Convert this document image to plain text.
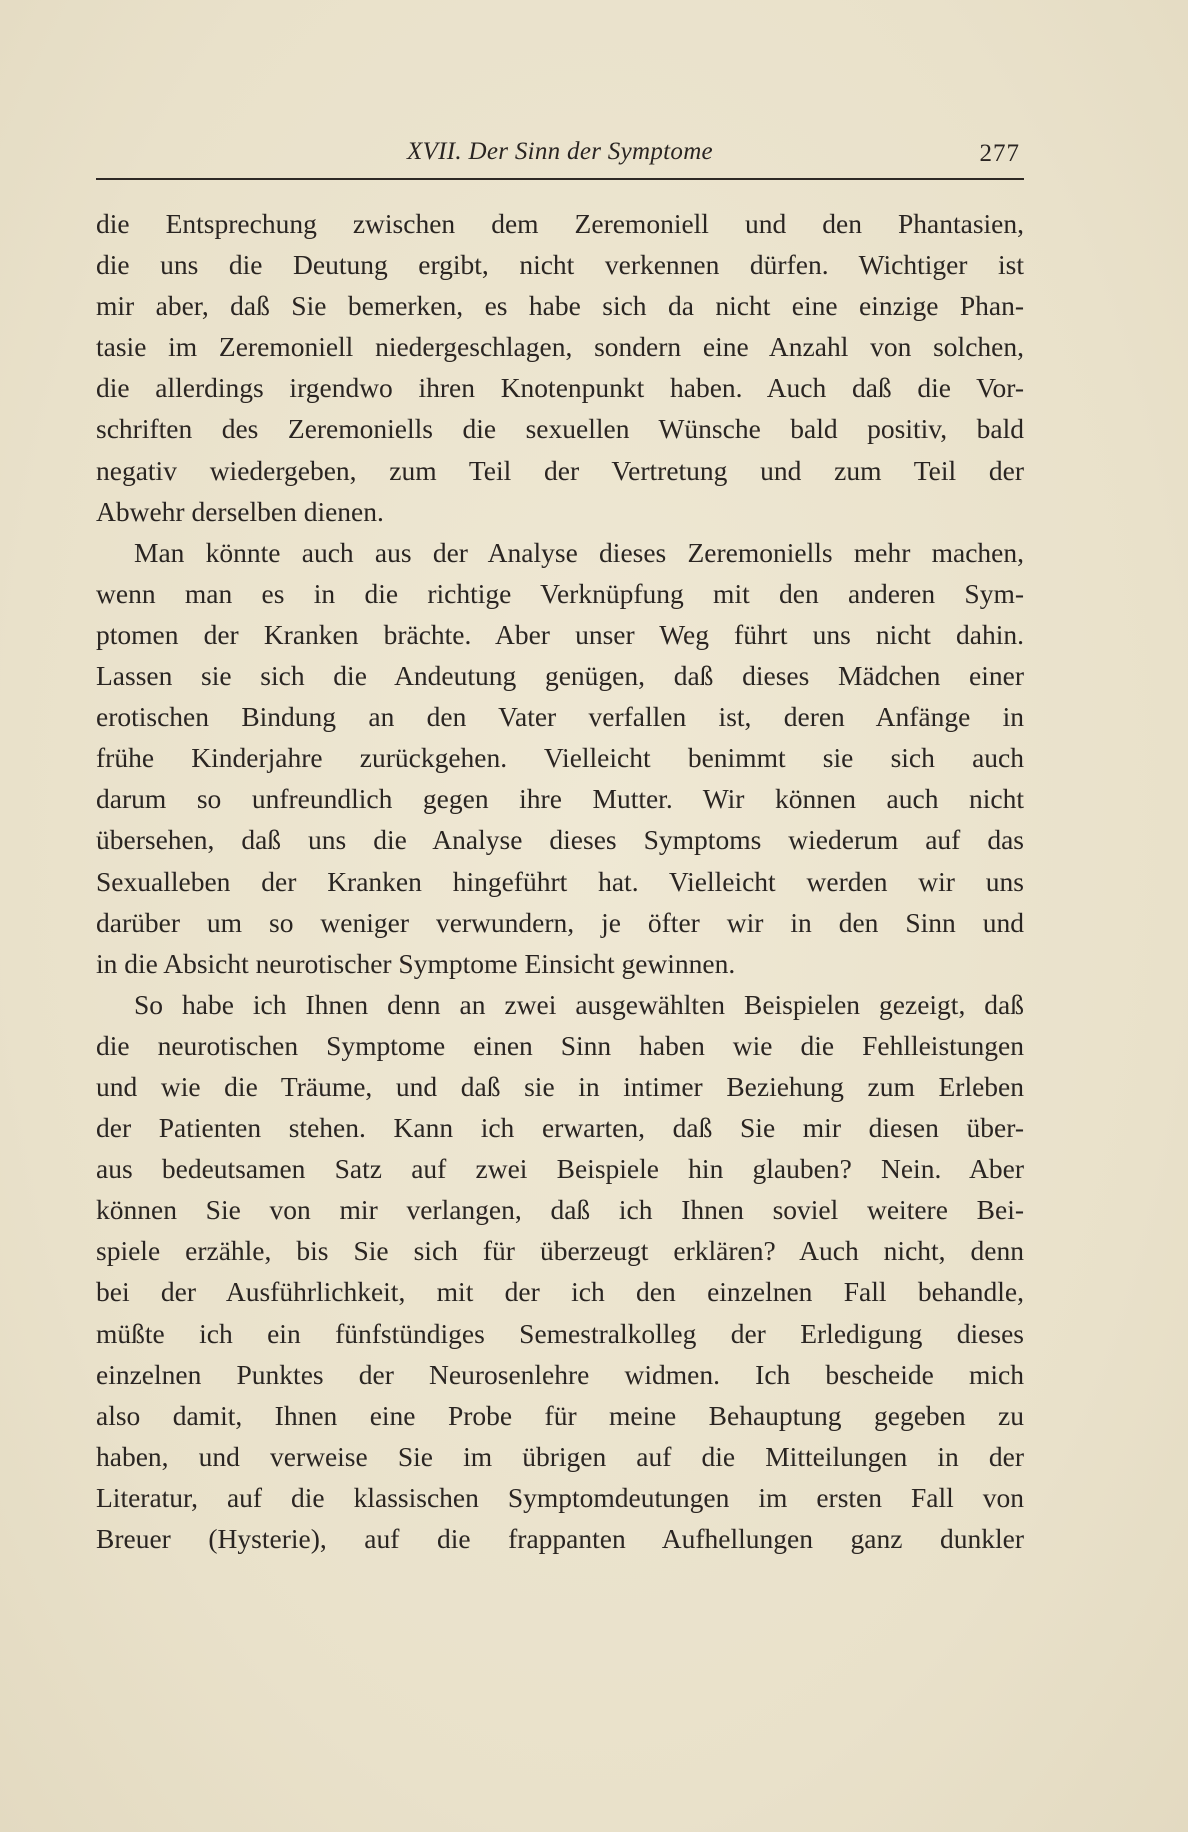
XVII. Der Sinn der Symptome	277
die Entsprechung zwischen dem Zeremoniell und den Phantasien,
die uns die Deutung ergibt, nicht verkennen dürfen. Wichtiger ist
mir aber, daß Sie bemerken, es habe sich da nicht eine einzige Phan-
tasie im Zeremoniell niedergeschlagen, sondern eine Anzahl von solchen,
die allerdings irgendwo ihren Knotenpunkt haben. Auch daß die Vor-
schriften des Zeremoniells die sexuellen Wünsche bald positiv, bald
negativ wiedergeben, zum Teil der Vertretung und zum Teil der
Abwehr derselben dienen.
Man könnte auch aus der Analyse dieses Zeremoniells mehr machen,
wenn man es in die richtige Verknüpfung mit den anderen Sym-
ptomen der Kranken brächte. Aber unser Weg führt uns nicht dahin.
Lassen sie sich die Andeutung genügen, daß dieses Mädchen einer
erotischen Bindung an den Vater verfallen ist, deren Anfänge in
frühe Kinderjahre zurückgehen. Vielleicht benimmt sie sich auch
darum so unfreundlich gegen ihre Mutter. Wir können auch nicht
übersehen, daß uns die Analyse dieses Symptoms wiederum auf das
Sexualleben der Kranken hingeführt hat. Vielleicht werden wir uns
darüber um so weniger verwundern, je öfter wir in den Sinn und
in die Absicht neurotischer Symptome Einsicht gewinnen.
So habe ich Ihnen denn an zwei ausgewählten Beispielen gezeigt, daß
die neurotischen Symptome einen Sinn haben wie die Fehlleistungen
und wie die Träume, und daß sie in intimer Beziehung zum Erleben
der Patienten stehen. Kann ich erwarten, daß Sie mir diesen über-
aus bedeutsamen Satz auf zwei Beispiele hin glauben? Nein. Aber
können Sie von mir verlangen, daß ich Ihnen soviel weitere Bei-
spiele erzähle, bis Sie sich für überzeugt erklären? Auch nicht, denn
bei der Ausführlichkeit, mit der ich den einzelnen Fall behandle,
müßte ich ein fünfstündiges Semestralkolleg der Erledigung dieses
einzelnen Punktes der Neurosenlehre widmen. Ich bescheide mich
also damit, Ihnen eine Probe für meine Behauptung gegeben zu
haben, und verweise Sie im übrigen auf die Mitteilungen in der
Literatur, auf die klassischen Symptomdeutungen im ersten Fall von
Breuer (Hysterie), auf die frappanten Aufhellungen ganz dunkler
